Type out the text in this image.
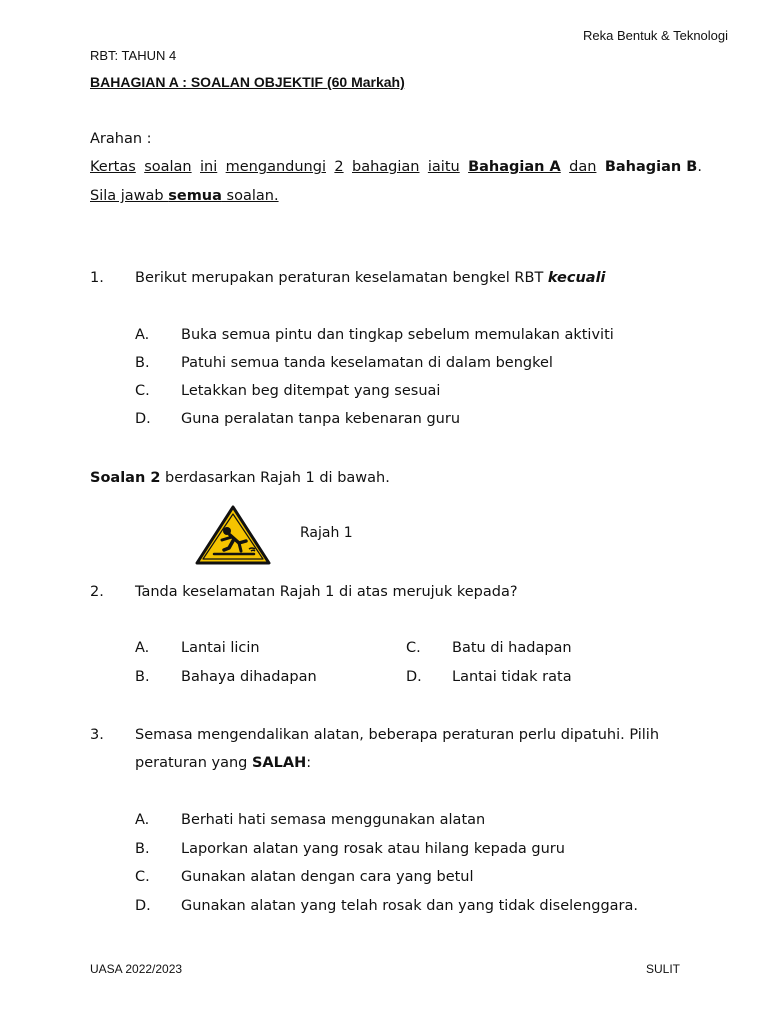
Reka Bentuk & Teknologi
RBT: TAHUN 4
BAHAGIAN A : SOALAN OBJEKTIF (60 Markah)
Arahan :
Kertas soalan ini mengandungi 2 bahagian iaitu Bahagian A dan Bahagian B.
Sila jawab semua soalan.
1. Berikut merupakan peraturan keselamatan bengkel RBT kecuali
A. Buka semua pintu dan tingkap sebelum memulakan aktiviti
B. Patuhi semua tanda keselamatan di dalam bengkel
C. Letakkan beg ditempat yang sesuai
D. Guna peralatan tanpa kebenaran guru
Soalan 2 berdasarkan Rajah 1 di bawah.
Rajah 1
2. Tanda keselamatan Rajah 1 di atas merujuk kepada?
A. Lantai licin	C. Batu di hadapan
B. Bahaya dihadapan	D. Lantai tidak rata
3. Semasa mengendalikan alatan, beberapa peraturan perlu dipatuhi. Pilih
peraturan yang SALAH:
A. Berhati hati semasa menggunakan alatan
B. Laporkan alatan yang rosak atau hilang kepada guru
C. Gunakan alatan dengan cara yang betul
D. Gunakan alatan yang telah rosak dan yang tidak diselenggara.
UASA 2022/2023	SULIT
